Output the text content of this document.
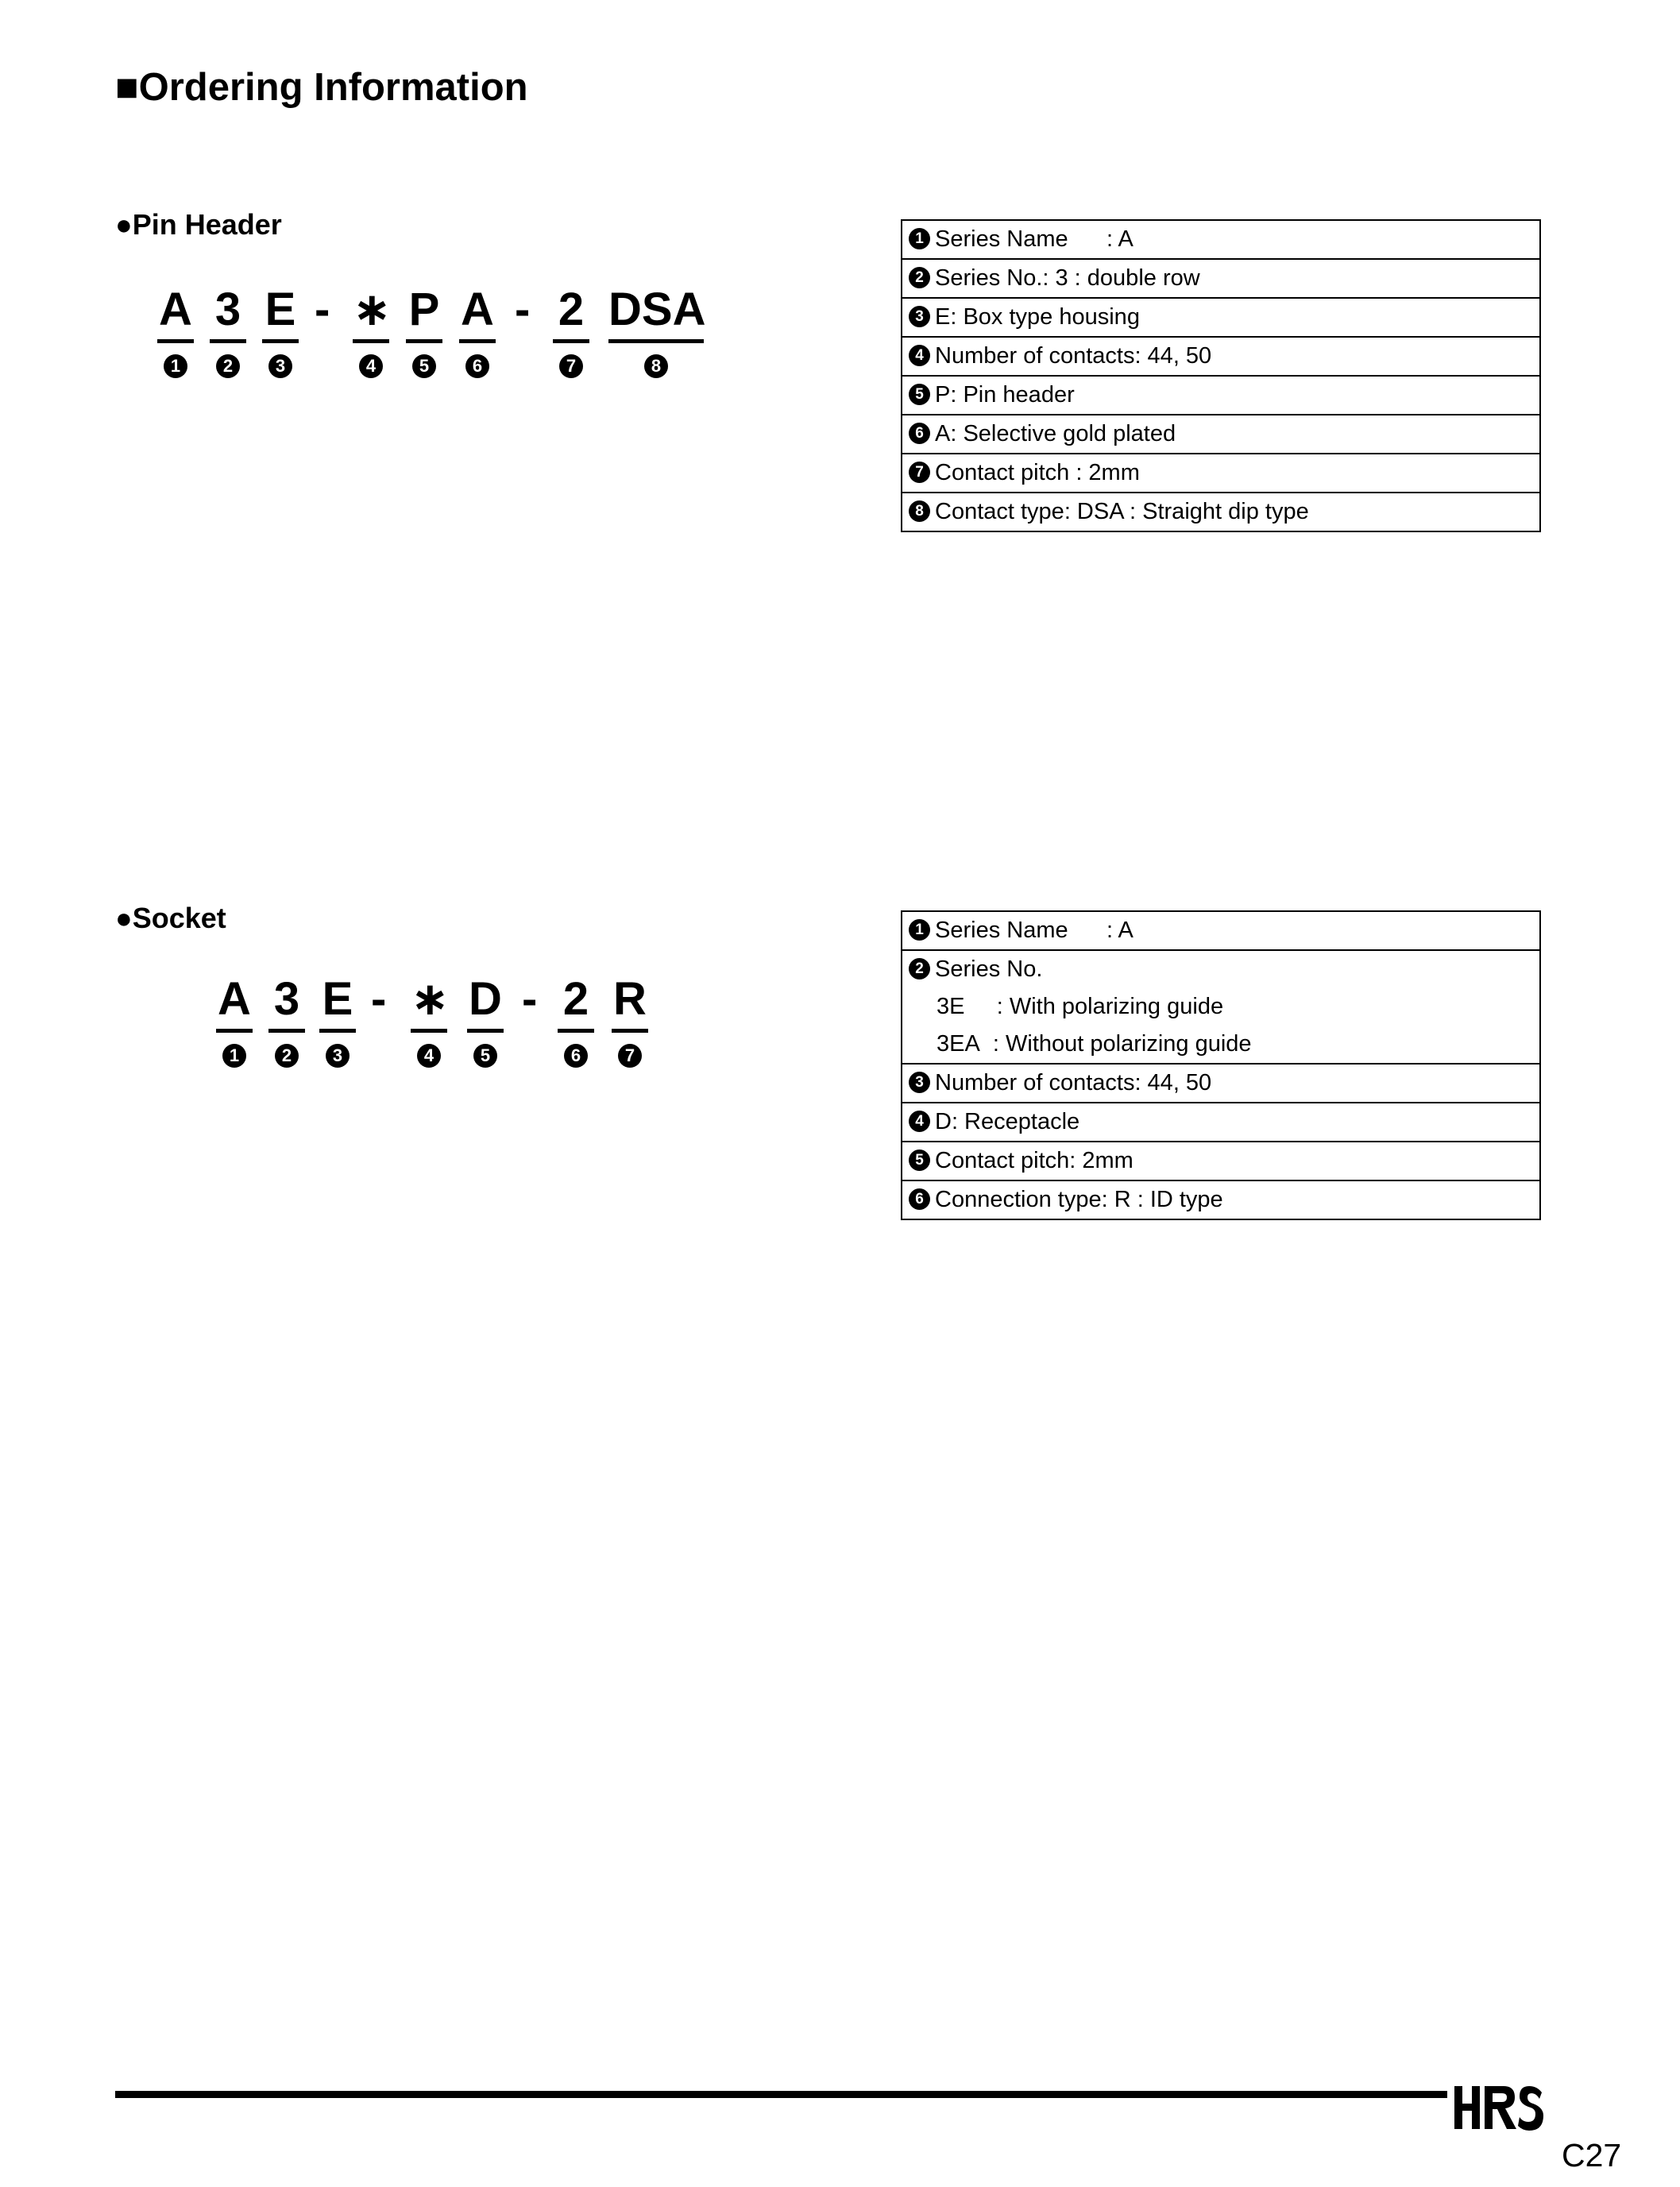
■Ordering Information
●Pin Header
A
1
3
2
E
3
- ∗
4
P
5
A
6
- 2
7
DSA
8
1 Series Name      : A
2 Series No.: 3 : double row
3 E: Box type housing
4 Number of contacts: 44, 50
5 P: Pin header
6 A: Selective gold plated
7 Contact pitch : 2mm
8 Contact type: DSA : Straight dip type
●Socket
A
1
3
2
E
3
- ∗
4
D
5
- 2
6
R
7
1 Series Name      : A
2 Series No.
3E     : With polarizing guide
3EA  : Without polarizing guide
3 Number of contacts: 44, 50
4 D: Receptacle
5 Contact pitch: 2mm
6 Connection type: R : ID type
C27
